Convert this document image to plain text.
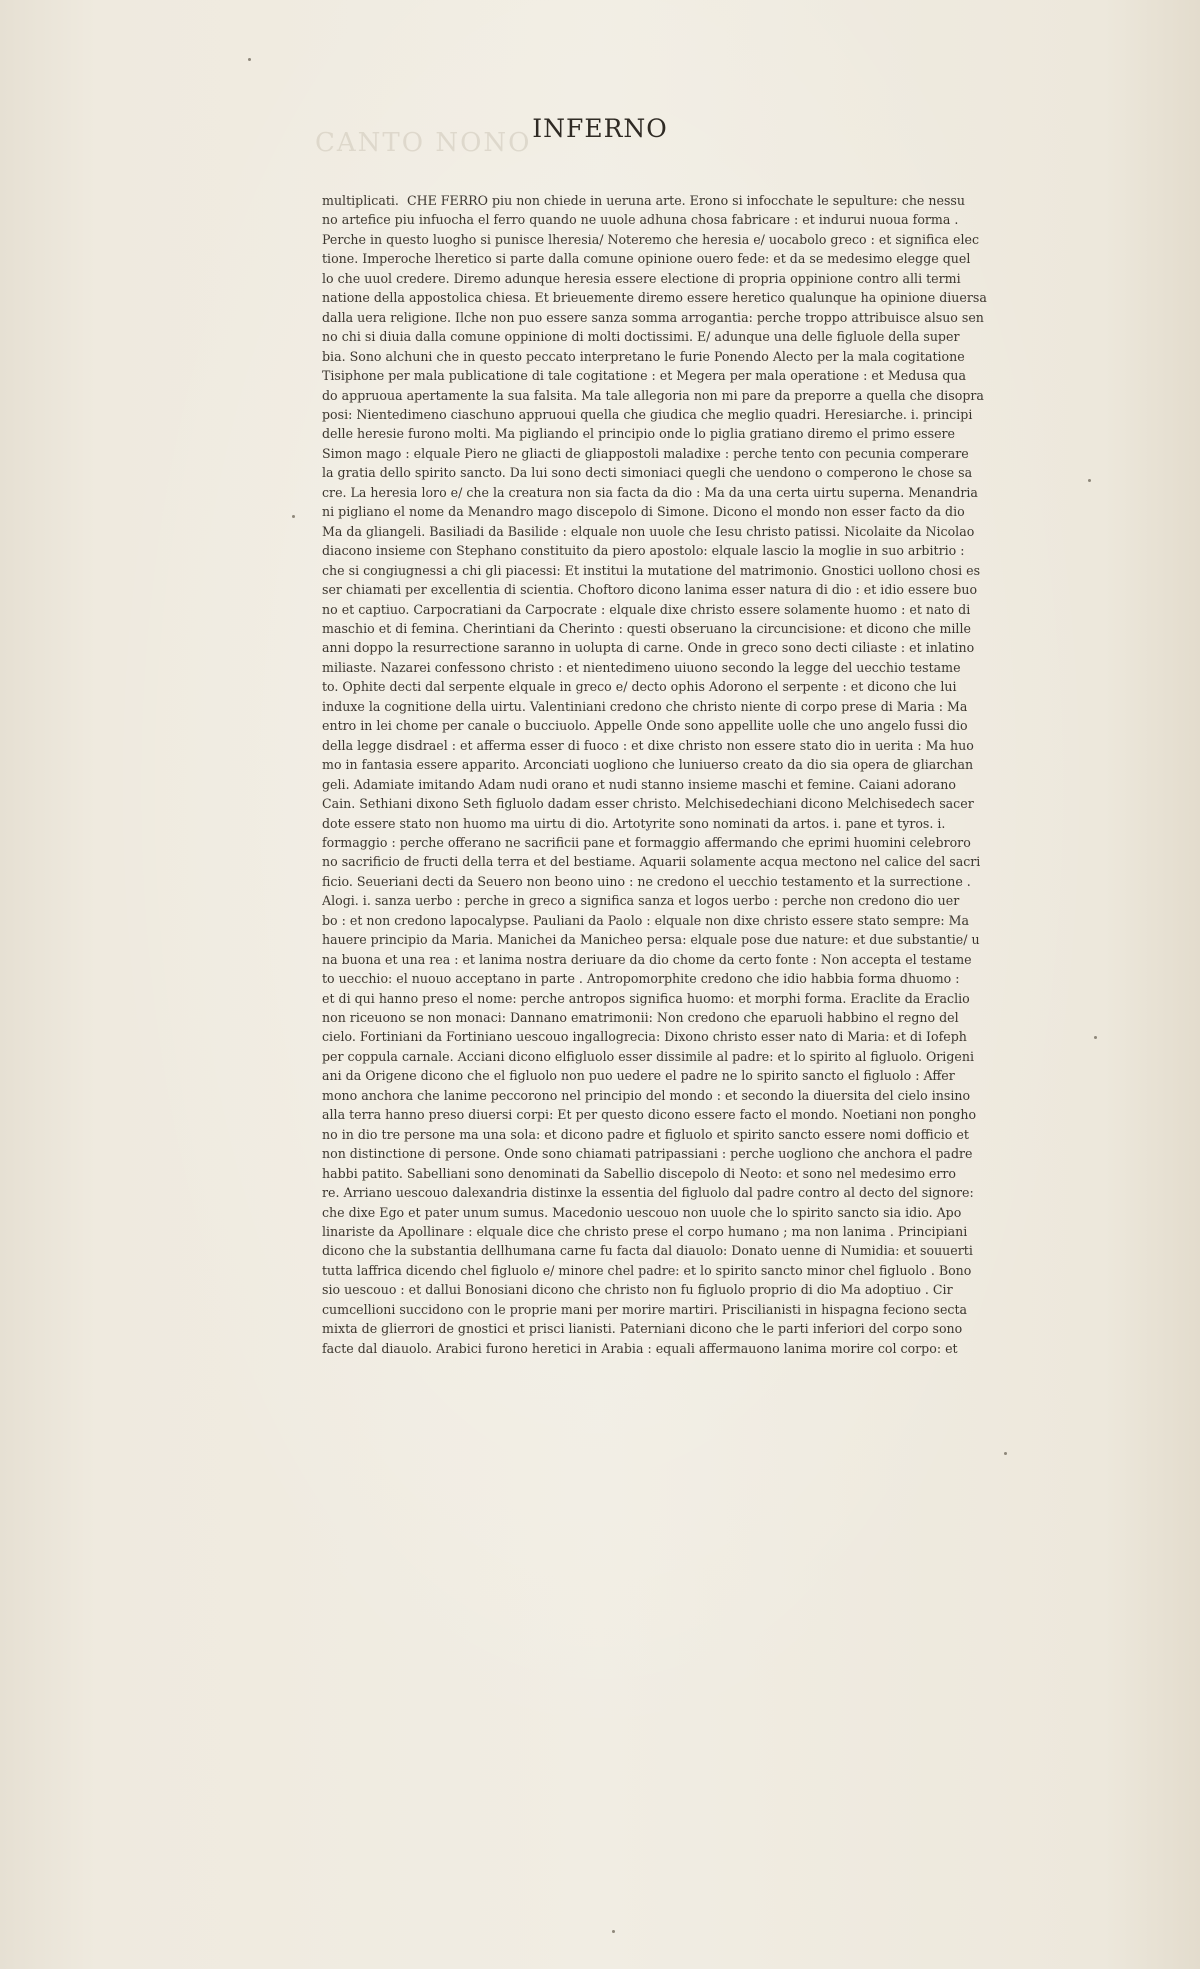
CANTO NONO INFERNO
multiplicati.  CHE FERRO piu non chiede in ueruna arte. Erono si infocchate le sepulture: che nessu
no artefice piu infuocha el ferro quando ne uuole adhuna chosa fabricare : et indurui nuoua forma .
Perche in questo luogho si punisce lheresia/ Noteremo che heresia e/ uocabolo greco : et significa elec
tione. Imperoche lheretico si parte dalla comune opinione ouero fede: et da se medesimo elegge quel
lo che uuol credere. Diremo adunque heresia essere electione di propria oppinione contro alli termi
natione della appostolica chiesa. Et brieuemente diremo essere heretico qualunque ha opinione diuersa
dalla uera religione. Ilche non puo essere sanza somma arrogantia: perche troppo attribuisce alsuo sen
no chi si diuia dalla comune oppinione di molti doctissimi. E/ adunque una delle figluole della super
bia. Sono alchuni che in questo peccato interpretano le furie Ponendo Alecto per la mala cogitatione
Tisiphone per mala publicatione di tale cogitatione : et Megera per mala operatione : et Medusa qua
do appruoua apertamente la sua falsita. Ma tale allegoria non mi pare da preporre a quella che disopra
posi: Nientedimeno ciaschuno appruoui quella che giudica che meglio quadri. Heresiarche. i. principi
delle heresie furono molti. Ma pigliando el principio onde lo piglia gratiano diremo el primo essere
Simon mago : elquale Piero ne gliacti de gliappostoli maladixe : perche tento con pecunia comperare
la gratia dello spirito sancto. Da lui sono decti simoniaci quegli che uendono o comperono le chose sa
cre. La heresia loro e/ che la creatura non sia facta da dio : Ma da una certa uirtu superna. Menandria
ni pigliano el nome da Menandro mago discepolo di Simone. Dicono el mondo non esser facto da dio
Ma da gliangeli. Basiliadi da Basilide : elquale non uuole che Iesu christo patissi. Nicolaite da Nicolao
diacono insieme con Stephano constituito da piero apostolo: elquale lascio la moglie in suo arbitrio :
che si congiugnessi a chi gli piacessi: Et institui la mutatione del matrimonio. Gnostici uollono chosi es
ser chiamati per excellentia di scientia. Choftoro dicono lanima esser natura di dio : et idio essere buo
no et captiuo. Carpocratiani da Carpocrate : elquale dixe christo essere solamente huomo : et nato di
maschio et di femina. Cherintiani da Cherinto : questi obseruano la circuncisione: et dicono che mille
anni doppo la resurrectione saranno in uolupta di carne. Onde in greco sono decti ciliaste : et inlatino
miliaste. Nazarei confessono christo : et nientedimeno uiuono secondo la legge del uecchio testame
to. Ophite decti dal serpente elquale in greco e/ decto ophis Adorono el serpente : et dicono che lui
induxe la cognitione della uirtu. Valentiniani credono che christo niente di corpo prese di Maria : Ma
entro in lei chome per canale o bucciuolo. Appelle Onde sono appellite uolle che uno angelo fussi dio
della legge disdrael : et afferma esser di fuoco : et dixe christo non essere stato dio in uerita : Ma huo
mo in fantasia essere apparito. Arconciati uogliono che luniuerso creato da dio sia opera de gliarchan
geli. Adamiate imitando Adam nudi orano et nudi stanno insieme maschi et femine. Caiani adorano
Cain. Sethiani dixono Seth figluolo dadam esser christo. Melchisedechiani dicono Melchisedech sacer
dote essere stato non huomo ma uirtu di dio. Artotyrite sono nominati da artos. i. pane et tyros. i.
formaggio : perche offerano ne sacrificii pane et formaggio affermando che eprimi huomini celebroro
no sacrificio de fructi della terra et del bestiame. Aquarii solamente acqua mectono nel calice del sacri
ficio. Seueriani decti da Seuero non beono uino : ne credono el uecchio testamento et la surrectione .
Alogi. i. sanza uerbo : perche in greco a significa sanza et logos uerbo : perche non credono dio uer
bo : et non credono lapocalypse. Pauliani da Paolo : elquale non dixe christo essere stato sempre: Ma
hauere principio da Maria. Manichei da Manicheo persa: elquale pose due nature: et due substantie/ u
na buona et una rea : et lanima nostra deriuare da dio chome da certo fonte : Non accepta el testame
to uecchio: el nuouo acceptano in parte . Antropomorphite credono che idio habbia forma dhuomo :
et di qui hanno preso el nome: perche antropos significa huomo: et morphi forma. Eraclite da Eraclio
non riceuono se non monaci: Dannano ematrimonii: Non credono che eparuoli habbino el regno del
cielo. Fortiniani da Fortiniano uescouo ingallogrecia: Dixono christo esser nato di Maria: et di Iofeph
per coppula carnale. Acciani dicono elfigluolo esser dissimile al padre: et lo spirito al figluolo. Origeni
ani da Origene dicono che el figluolo non puo uedere el padre ne lo spirito sancto el figluolo : Affer
mono anchora che lanime peccorono nel principio del mondo : et secondo la diuersita del cielo insino
alla terra hanno preso diuersi corpi: Et per questo dicono essere facto el mondo. Noetiani non pongho
no in dio tre persone ma una sola: et dicono padre et figluolo et spirito sancto essere nomi dofficio et
non distinctione di persone. Onde sono chiamati patripassiani : perche uogliono che anchora el padre
habbi patito. Sabelliani sono denominati da Sabellio discepolo di Neoto: et sono nel medesimo erro
re. Arriano uescouo dalexandria distinxe la essentia del figluolo dal padre contro al decto del signore:
che dixe Ego et pater unum sumus. Macedonio uescouo non uuole che lo spirito sancto sia idio. Apo
linariste da Apollinare : elquale dice che christo prese el corpo humano ; ma non lanima . Principiani
dicono che la substantia dellhumana carne fu facta dal diauolo: Donato uenne di Numidia: et souuerti
tutta laffrica dicendo chel figluolo e/ minore chel padre: et lo spirito sancto minor chel figluolo . Bono
sio uescouo : et dallui Bonosiani dicono che christo non fu figluolo proprio di dio Ma adoptiuo . Cir
cumcellioni succidono con le proprie mani per morire martiri. Priscilianisti in hispagna feciono secta
mixta de glierrori de gnostici et prisci lianisti. Paterniani dicono che le parti inferiori del corpo sono
facte dal diauolo. Arabici furono heretici in Arabia : equali affermauono lanima morire col corpo: et
